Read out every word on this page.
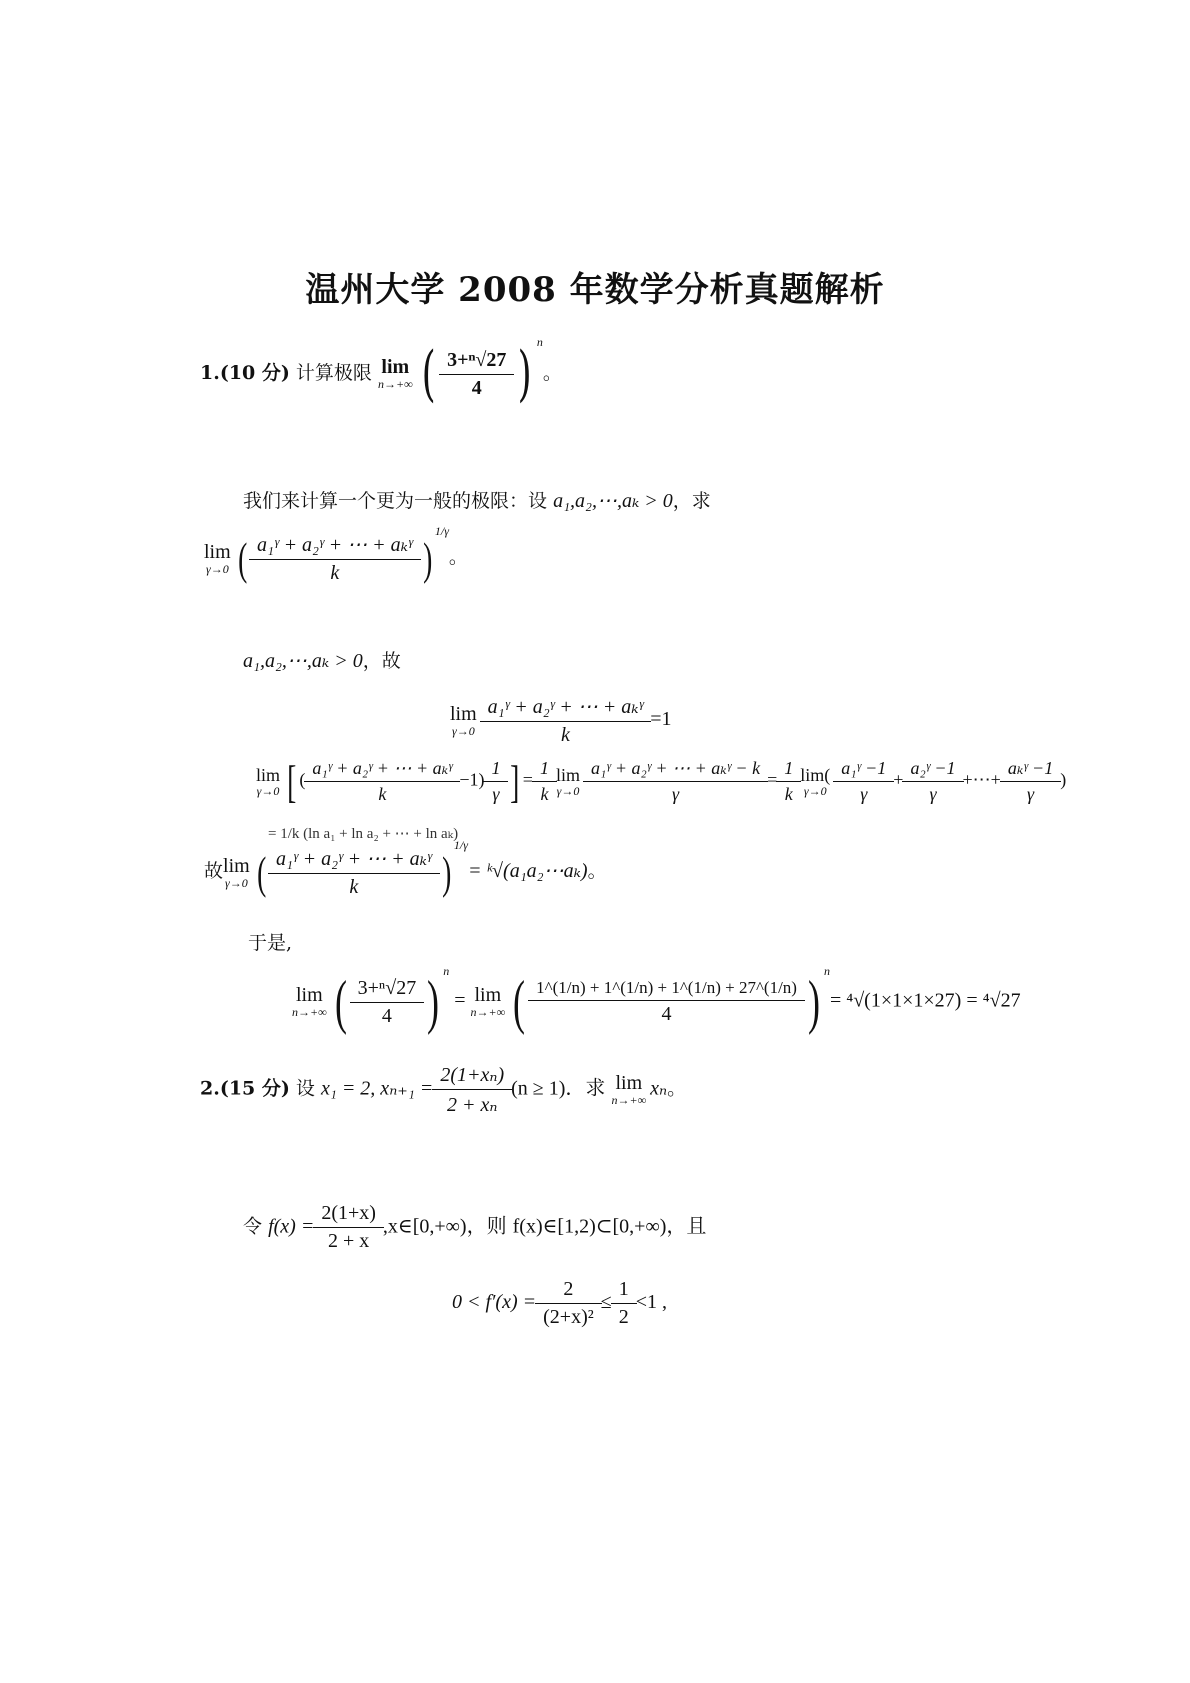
温州大学 2008 年数学分析真题解析
1.(10 分) 计算极限 lim
n→+∞ ( $\frac{\text{3+ⁿ√27}}{4}$ ) $^n$。
我们来计算一个更为一般的极限：设 a₁,a₂,⋯,aₖ > 0，求
lim
γ→0 ( $\frac{\text{a₁ᵞ + a₂ᵞ + ⋯ + aₖᵞ}}{k} )^{1/\gamma}$。
a₁,a₂,⋯,aₖ > 0，故
lim
$\gamma\to 0 \frac{\text{a₁ᵞ + a₂ᵞ + ⋯ + aₖᵞ}}{k} =1$
lim
γ→0 [ ( $\frac{\text{a₁ᵞ + a₂ᵞ + ⋯ + aₖᵞ}}{k} -1) \frac{1}{\gamma}$ ] = $\frac{1}{k}$ lim
$\gamma\to 0 \frac{\text{a₁ᵞ + a₂ᵞ + ⋯ + aₖᵞ − k}}{\gamma} = \frac{1}{k} \lim$(
$\gamma\to 0 \frac{\text{a₁ᵞ −1}}{\gamma} + \frac{\text{a₂ᵞ −1}}{\gamma}$ +⋯+ $\frac{\text{aₖᵞ −1}}{\gamma}$ )
= 1/k (ln a₁ + ln a₂ + ⋯ + ln aₖ)
故 lim
γ→0 ( $\frac{\text{a₁ᵞ + a₂ᵞ + ⋯ + aₖᵞ}}{k} )^{1/\gamma}=$ ᵏ√(a₁a₂⋯aₖ)。
于是,
lim
n→+∞ ( $\frac{\text{3+ⁿ√27}}{4}$ ) $^n$ = lim
n→+∞ ( $\frac{1\^{}(1/n) + 1\^{}(1/n) + 1\^{}(1/n) + 27\^{}(1/n)}{4}$ ) $^n$= ⁴√(1×1×1×27) = ⁴√27
2.(15 分) 设 x₁ = 2, $x_{n+1} = \frac{\text{2(1+xₙ)}}{\text{2 + xₙ}} (n \ge 1)$．求 lim
n→+∞ xₙ。
令 $f(x) = \frac{2(1+x)}{2 + x}$ ,x∈[0,+∞)，则 f(x)∈[1,2)⊂[0,+∞)，且
$0 < f'(x) = \frac{2}{\text{(2+x)²}} \le \frac{1}{2} <1$ ,
